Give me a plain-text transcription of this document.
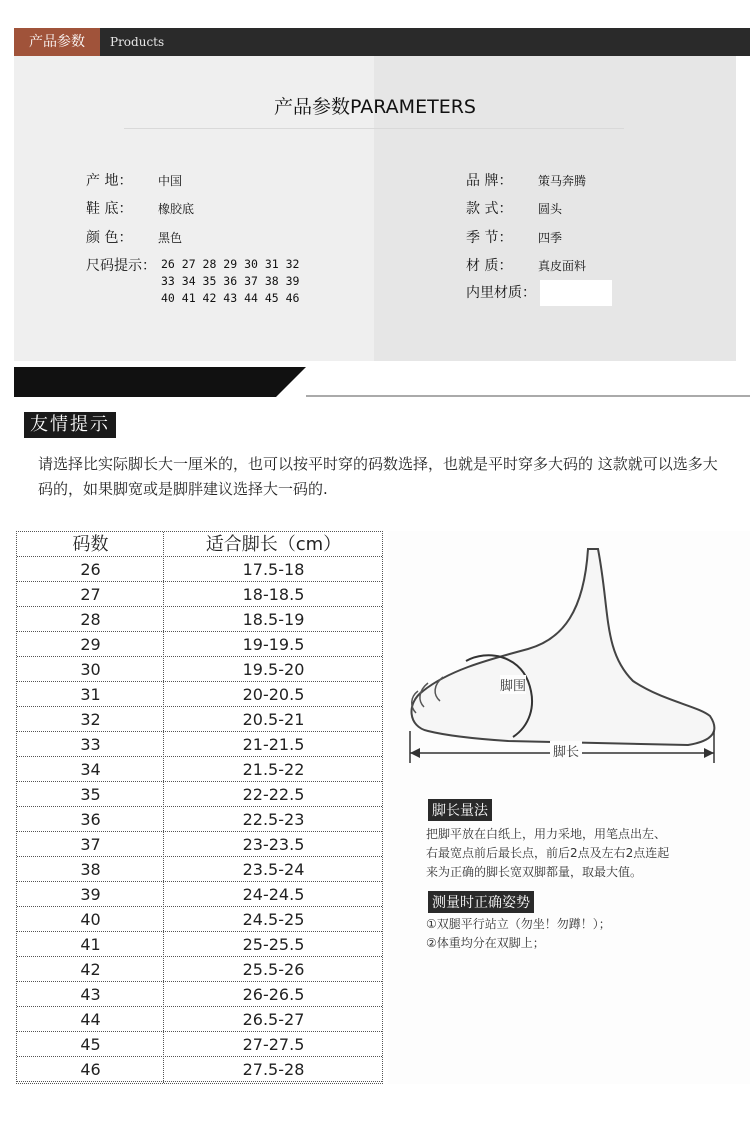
产品参数	Products
产品参数PARAMETERS
产 地： 中国
鞋 底： 橡胶底
颜 色： 黑色
尺码提示： 26 27 28 29 30 31 32
33 34 35 36 37 38 39
40 41 42 43 44 45 46
品 牌： 策马奔腾
款 式： 圆头
季 节： 四季
材 质： 真皮面料
内里材质：
友情提示
请选择比实际脚长大一厘米的，也可以按平时穿的码数选择，也就是平时穿多大码的 这款就可以选多大码的，如果脚宽或是脚胖建议选择大一码的.
码数	适合脚长（cm）
26	17.5-18
27	18-18.5
28	18.5-19
29	19-19.5
30	19.5-20
31	20-20.5
32	20.5-21
33	21-21.5
34	21.5-22
35	22-22.5
36	22.5-23
37	23-23.5
38	23.5-24
39	24-24.5
40	24.5-25
41	25-25.5
42	25.5-26
43	26-26.5
44	26.5-27
45	27-27.5
46	27.5-28
脚围
脚长
脚长量法
把脚平放在白纸上，用力采地，用笔点出左、
右最宽点前后最长点，前后2点及左右2点连起
来为正确的脚长宽双脚都量，取最大值。
测量时正确姿势
①双腿平行站立（勿坐！勿蹲！）；
②体重均分在双脚上；
